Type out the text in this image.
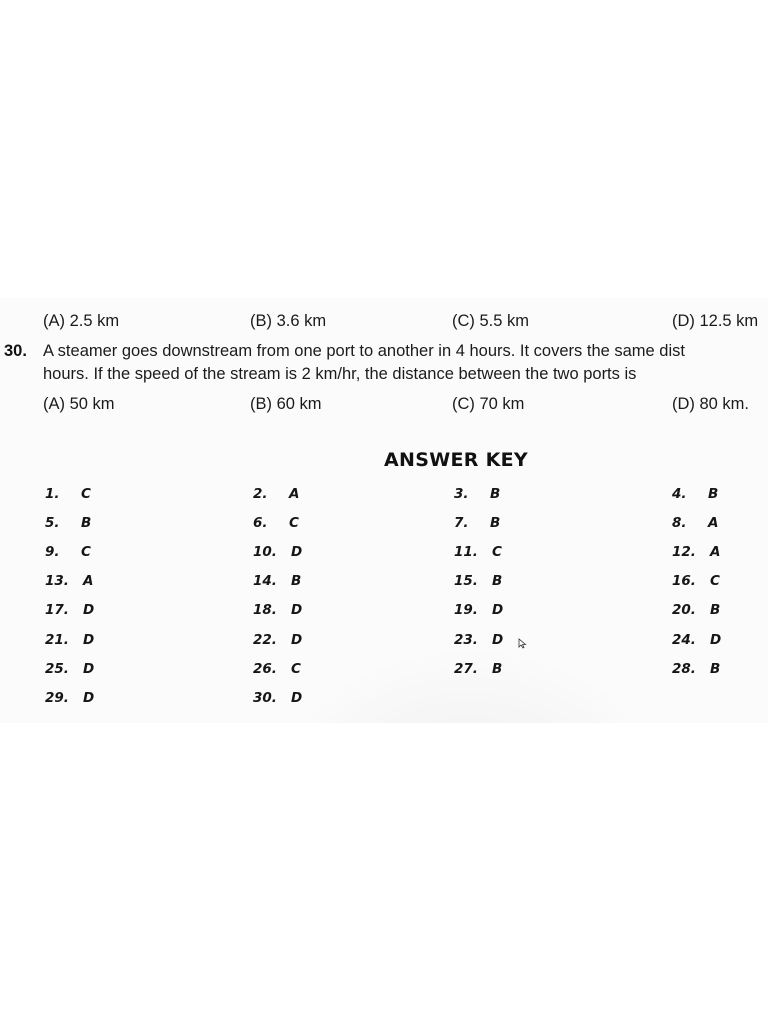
(A) 2.5 km	(B) 3.6 km	(C) 5.5 km	(D) 12.5 km
30. A steamer goes downstream from one port to another in 4 hours. It covers the same dist
hours. If the speed of the stream is 2 km/hr, the distance between the two ports is
(A) 50 km	(B) 60 km	(C) 70 km	(D) 80 km.
ANSWER KEY
1. C	2. A	3. B	4. B
5. B	6. C	7. B	8. A
9. C	10. D	11. C	12. A
13. A	14. B	15. B	16. C
17. D	18. D	19. D	20. B
21. D	22. D	23. D	24. D
25. D	26. C	27. B	28. B
29. D	30. D
